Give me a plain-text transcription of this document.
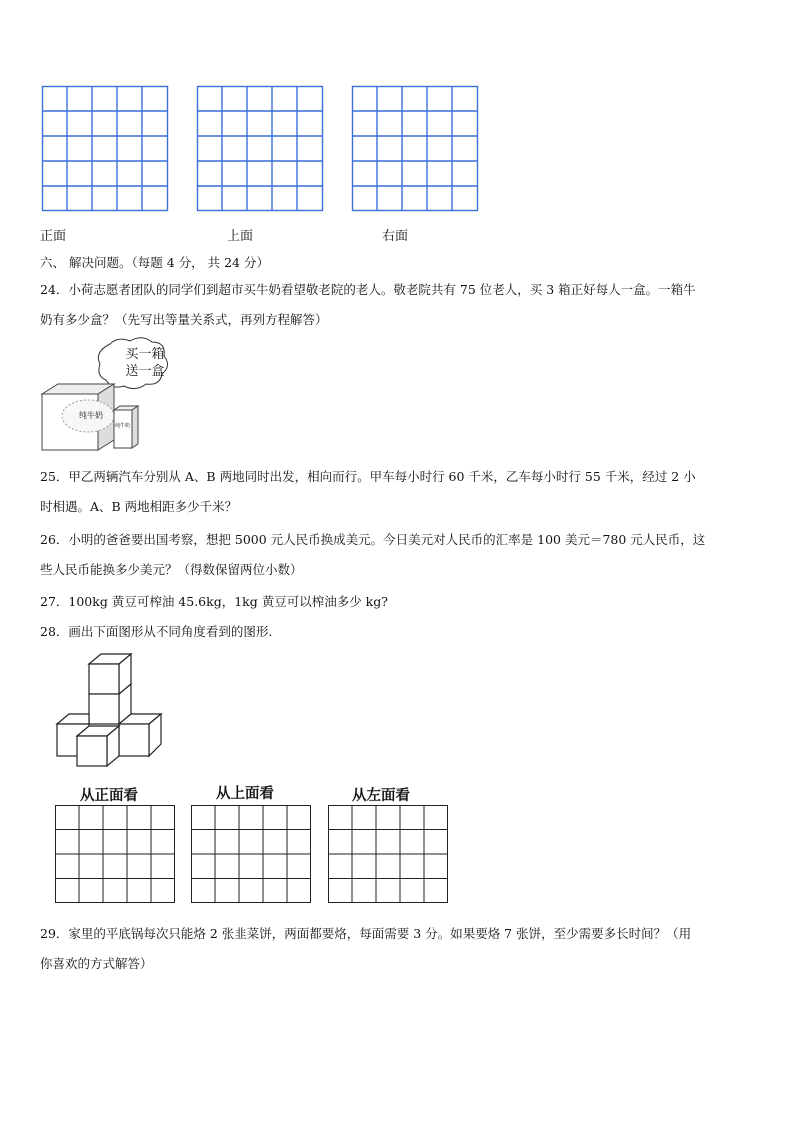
正面	上面	右面
六、 解决问题。（每题 4 分， 共 24 分）
24．小荷志愿者团队的同学们到超市买牛奶看望敬老院的老人。敬老院共有 75 位老人，买 3 箱正好每人一盒。一箱牛
奶有多少盒？（先写出等量关系式，再列方程解答）
买一箱
送一盒
纯牛奶
纯牛奶
25．甲乙两辆汽车分别从 A、B 两地同时出发，相向而行。甲车每小时行 60 千米，乙车每小时行 55 千米，经过 2 小
时相遇。A、B 两地相距多少千米？
26．小明的爸爸要出国考察，想把 5000 元人民币换成美元。今日美元对人民币的汇率是 100 美元＝780 元人民币，这
些人民币能换多少美元？（得数保留两位小数）
27．100kg 黄豆可榨油 45.6kg，1kg 黄豆可以榨油多少 kg?
28．画出下面图形从不同角度看到的图形.
从正面看	从上面看	从左面看
29．家里的平底锅每次只能烙 2 张韭菜饼，两面都要烙，每面需要 3 分。如果要烙 7 张饼，至少需要多长时间？（用
你喜欢的方式解答）
